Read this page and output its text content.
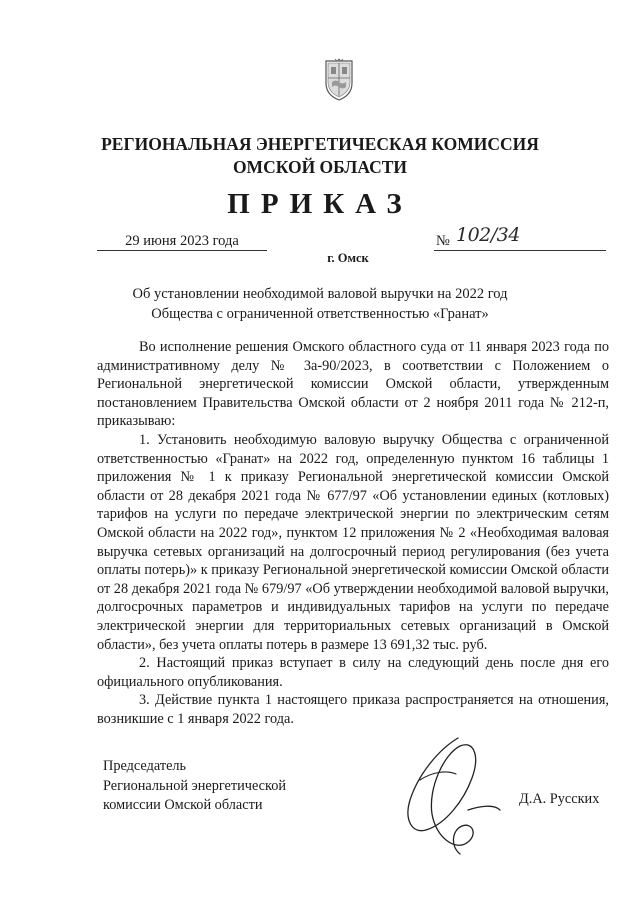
РЕГИОНАЛЬНАЯ ЭНЕРГЕТИЧЕСКАЯ КОМИССИЯ
ОМСКОЙ ОБЛАСТИ
ПРИКАЗ
29 июня 2023 года	№ 102/34
г. Омск
Об установлении необходимой валовой выручки на 2022 год
Общества с ограниченной ответственностью «Гранат»

Во исполнение решения Омского областного суда от 11 января 2023 года по административному делу № 3а-90/2023, в соответствии с Положением о Региональной энергетической комиссии Омской области, утвержденным постановлением Правительства Омской области от 2 ноября 2011 года № 212-п, приказываю:

1. Установить необходимую валовую выручку Общества с ограниченной ответственностью «Гранат» на 2022 год, определенную пунктом 16 таблицы 1 приложения № 1 к приказу Региональной энергетической комиссии Омской области от 28 декабря 2021 года № 677/97 «Об установлении единых (котловых) тарифов на услуги по передаче электрической энергии по электрическим сетям Омской области на 2022 год», пунктом 12 приложения № 2 «Необходимая валовая выручка сетевых организаций на долгосрочный период регулирования (без учета оплаты потерь)» к приказу Региональной энергетической комиссии Омской области от 28 декабря 2021 года № 679/97 «Об утверждении необходимой валовой выручки, долгосрочных параметров и индивидуальных тарифов на услуги по передаче электрической энергии для территориальных сетевых организаций в Омской области», без учета оплаты потерь в размере 13 691,32 тыс. руб.

2. Настоящий приказ вступает в силу на следующий день после дня его официального опубликования.

3. Действие пункта 1 настоящего приказа распространяется на отношения, возникшие с 1 января 2022 года.

Председатель
Региональной энергетической
комиссии Омской области	Д.А. Русских
